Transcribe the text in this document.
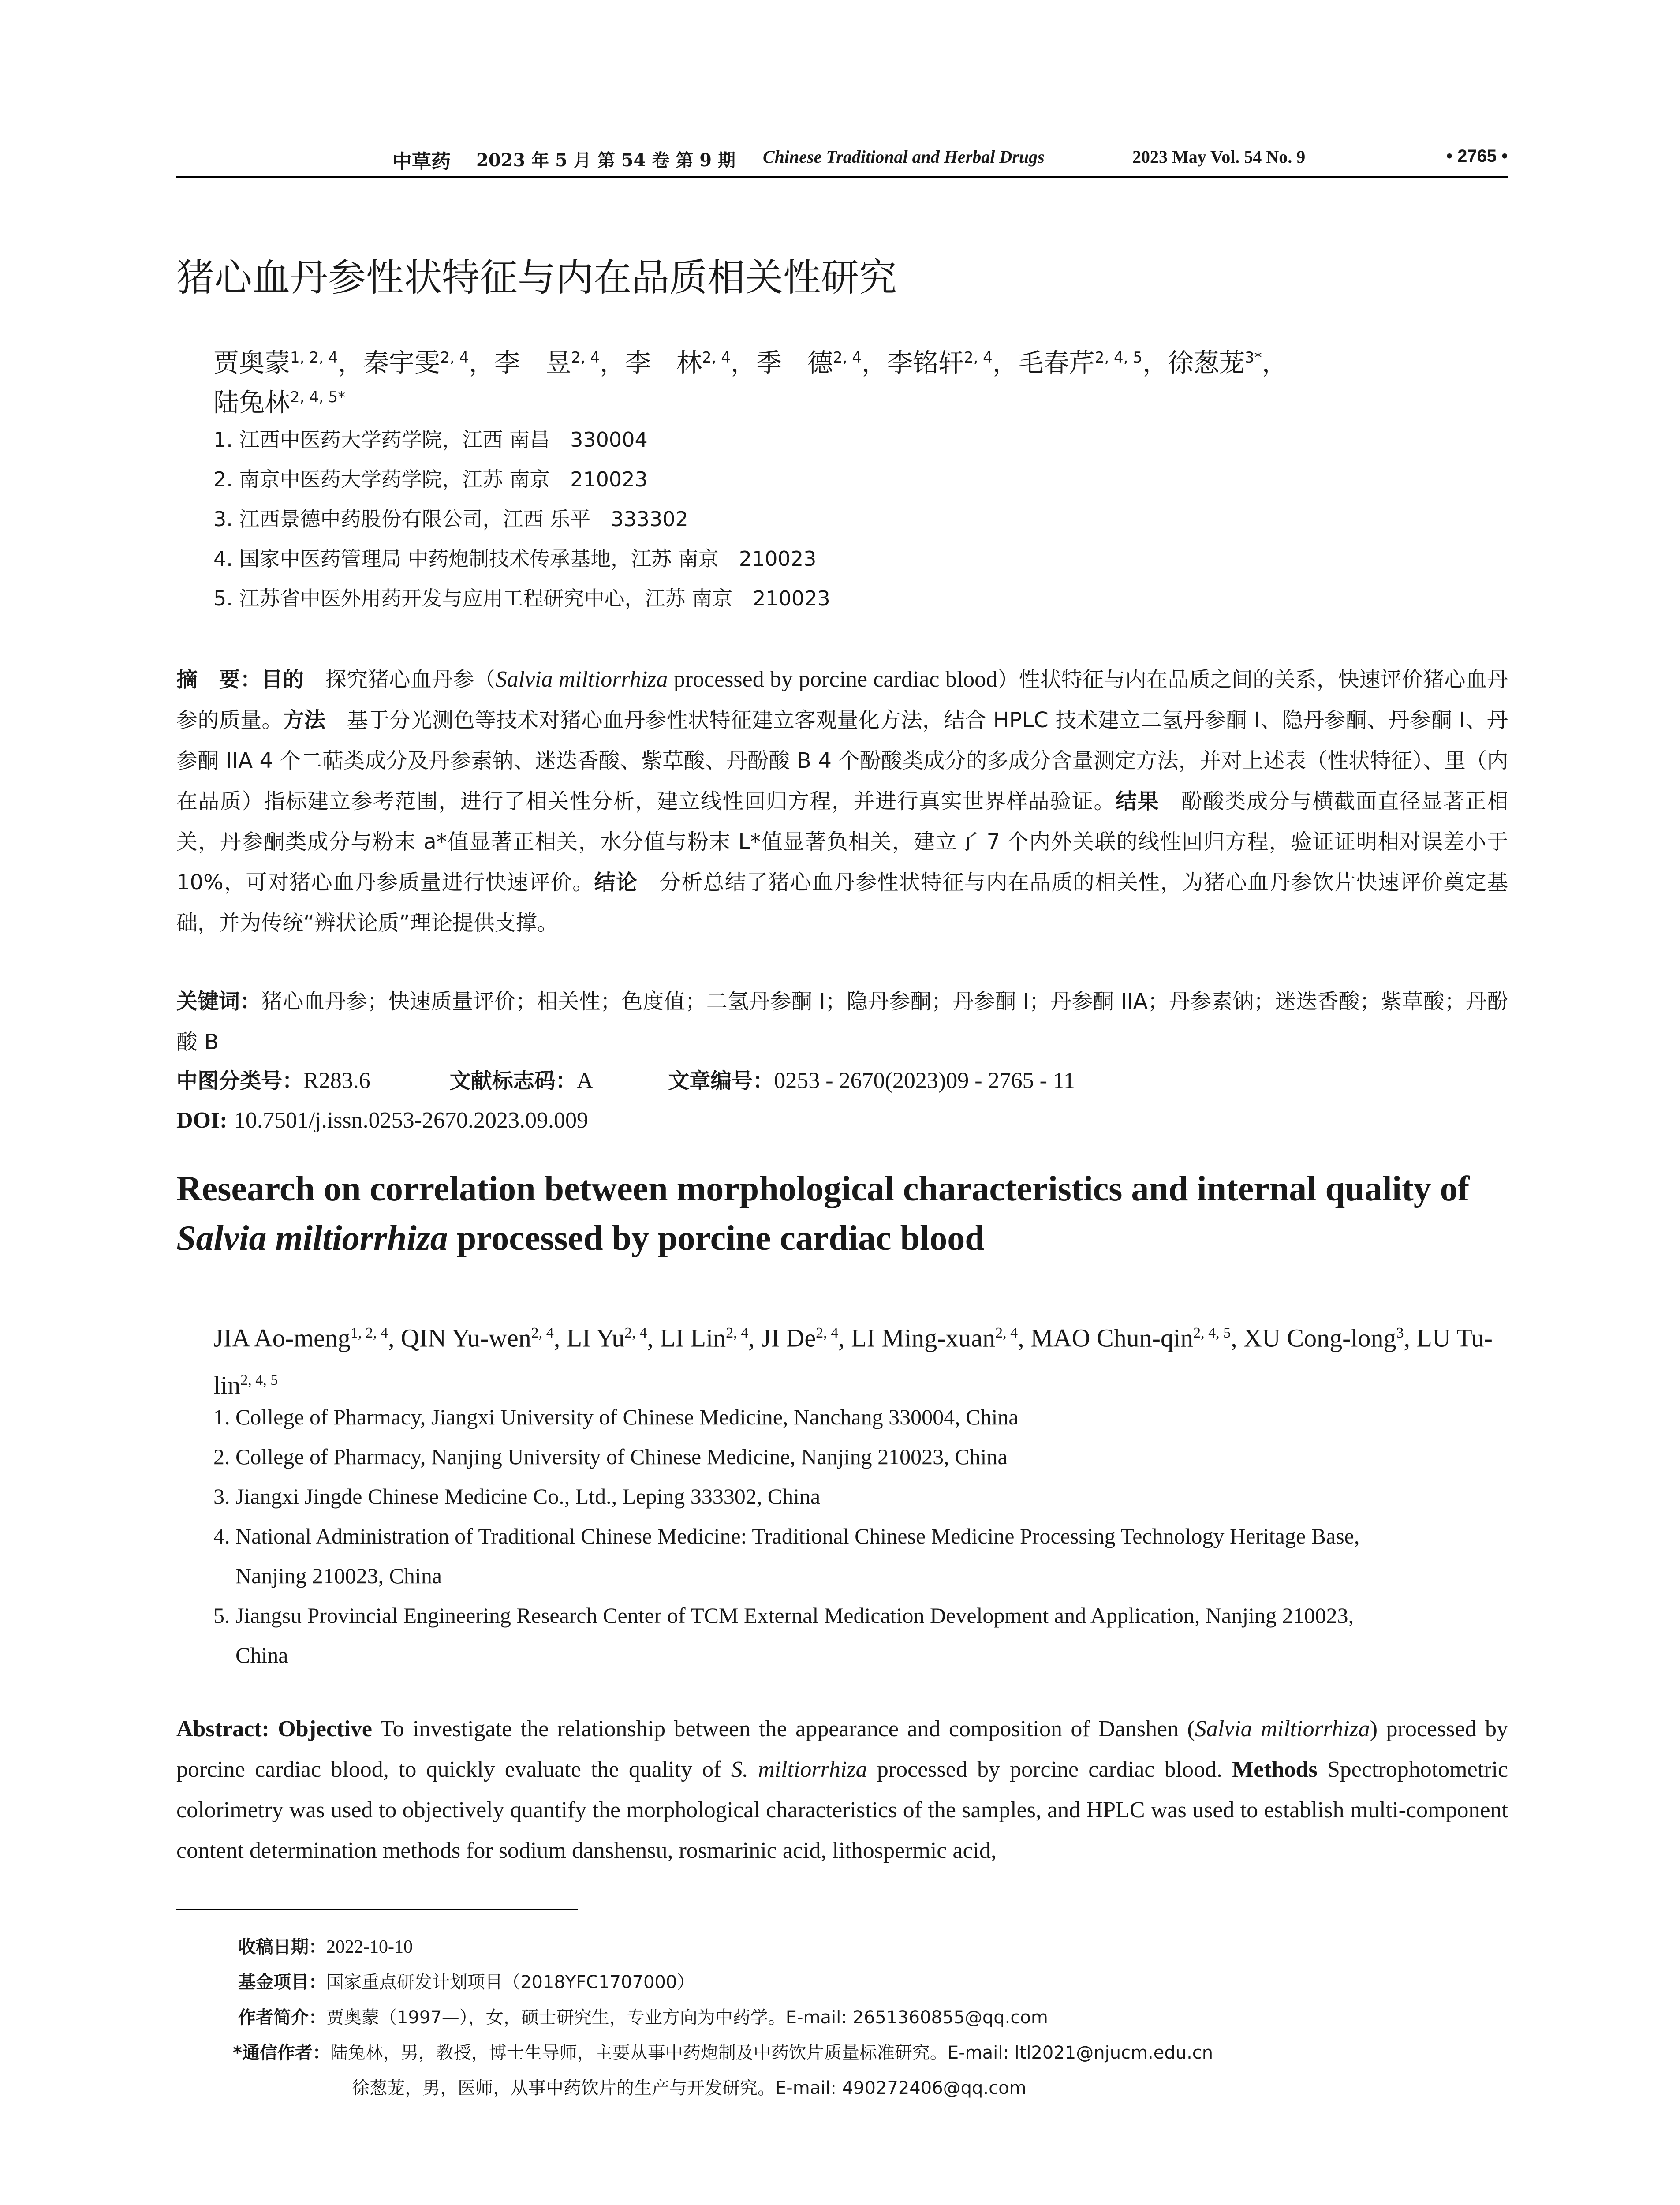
中草药 2023 年 5 月 第 54 卷 第 9 期 Chinese Traditional and Herbal Drugs	2023 May Vol. 54 No. 9	• 2765 •
猪心血丹参性状特征与内在品质相关性研究
贾奥蒙$^{1, 2, 4}$，秦宇雯$^{2, 4}$，李　昱$^{2, 4}$，李　林$^{2, 4}$，季　德$^{2, 4}$，李铭轩$^{2, 4}$，毛春芹$^{2, 4, 5}$，徐葱茏$^{3*}$，
陆兔林$^{2, 4, 5*}$
1. 江西中医药大学药学院，江西 南昌　330004
2. 南京中医药大学药学院，江苏 南京　210023
3. 江西景德中药股份有限公司，江西 乐平　333302
4. 国家中医药管理局 中药炮制技术传承基地，江苏 南京　210023
5. 江苏省中医外用药开发与应用工程研究中心，江苏 南京　210023
摘　要：目的　探究猪心血丹参（Salvia miltiorrhiza processed by porcine cardiac blood）性状特征与内在品质之间的关系，快速评价猪心血丹参的质量。方法　基于分光测色等技术对猪心血丹参性状特征建立客观量化方法，结合 HPLC 技术建立二氢丹参酮 I、隐丹参酮、丹参酮 I、丹参酮 IIA 4 个二萜类成分及丹参素钠、迷迭香酸、紫草酸、丹酚酸 B 4 个酚酸类成分的多成分含量测定方法，并对上述表（性状特征）、里（内在品质）指标建立参考范围，进行了相关性分析，建立线性回归方程，并进行真实世界样品验证。结果　酚酸类成分与横截面直径显著正相关，丹参酮类成分与粉末 a*值显著正相关，水分值与粉末 L*值显著负相关，建立了 7 个内外关联的线性回归方程，验证证明相对误差小于 10%，可对猪心血丹参质量进行快速评价。结论　分析总结了猪心血丹参性状特征与内在品质的相关性，为猪心血丹参饮片快速评价奠定基础，并为传统“辨状论质”理论提供支撑。
关键词：猪心血丹参；快速质量评价；相关性；色度值；二氢丹参酮 I；隐丹参酮；丹参酮 I；丹参酮 IIA；丹参素钠；迷迭香酸；紫草酸；丹酚酸 B
中图分类号：R283.6	文献标志码：A	文章编号：0253 - 2670(2023)09 - 2765 - 11
DOI: 10.7501/j.issn.0253-2670.2023.09.009
Research on correlation between morphological characteristics and internal quality of Salvia miltiorrhiza processed by porcine cardiac blood
JIA Ao-meng$^{1, 2, 4}$, QIN Yu-wen$^{2, 4}$, LI Yu$^{2, 4}$, LI Lin$^{2, 4}$, JI De$^{2, 4}$, LI Ming-xuan$^{2, 4}$, MAO Chun-qin$^{2, 4, 5}$, XU Cong-long$^3$, LU Tu-lin$^{2, 4, 5}$
1. College of Pharmacy, Jiangxi University of Chinese Medicine, Nanchang 330004, China
2. College of Pharmacy, Nanjing University of Chinese Medicine, Nanjing 210023, China
3. Jiangxi Jingde Chinese Medicine Co., Ltd., Leping 333302, China
4. National Administration of Traditional Chinese Medicine: Traditional Chinese Medicine Processing Technology Heritage Base,
Nanjing 210023, China
5. Jiangsu Provincial Engineering Research Center of TCM External Medication Development and Application, Nanjing 210023,
China
Abstract: Objective To investigate the relationship between the appearance and composition of Danshen (Salvia miltiorrhiza) processed by porcine cardiac blood, to quickly evaluate the quality of S. miltiorrhiza processed by porcine cardiac blood. Methods Spectrophotometric colorimetry was used to objectively quantify the morphological characteristics of the samples, and HPLC was used to establish multi-component content determination methods for sodium danshensu, rosmarinic acid, lithospermic acid,
收稿日期：2022-10-10
基金项目：国家重点研发计划项目（2018YFC1707000）
作者简介：贾奥蒙（1997—），女，硕士研究生，专业方向为中药学。E-mail: 2651360855@qq.com
*通信作者：陆兔林，男，教授，博士生导师，主要从事中药炮制及中药饮片质量标准研究。E-mail: ltl2021@njucm.edu.cn
徐葱茏，男，医师，从事中药饮片的生产与开发研究。E-mail: 490272406@qq.com
